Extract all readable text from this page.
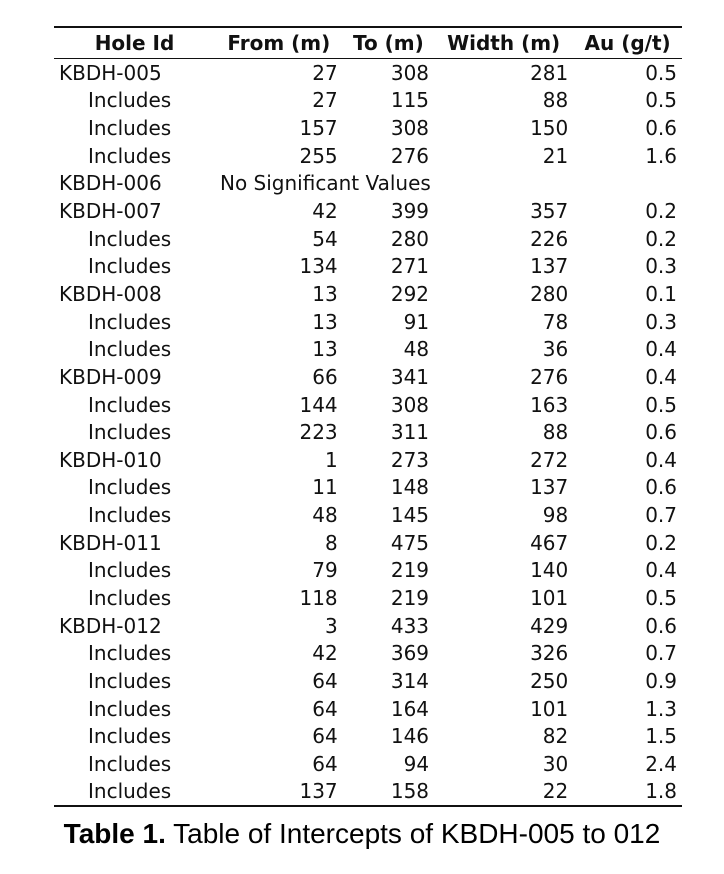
Hole Id	From (m)	To (m)	Width (m)	Au (g/t)
KBDH-005	27	308	281	0.5
Includes	27	115	88	0.5
Includes	157	308	150	0.6
Includes	255	276	21	1.6
KBDH-006	No Significant Values			
KBDH-007	42	399	357	0.2
Includes	54	280	226	0.2
Includes	134	271	137	0.3
KBDH-008	13	292	280	0.1
Includes	13	91	78	0.3
Includes	13	48	36	0.4
KBDH-009	66	341	276	0.4
Includes	144	308	163	0.5
Includes	223	311	88	0.6
KBDH-010	1	273	272	0.4
Includes	11	148	137	0.6
Includes	48	145	98	0.7
KBDH-011	8	475	467	0.2
Includes	79	219	140	0.4
Includes	118	219	101	0.5
KBDH-012	3	433	429	0.6
Includes	42	369	326	0.7
Includes	64	314	250	0.9
Includes	64	164	101	1.3
Includes	64	146	82	1.5
Includes	64	94	30	2.4
Includes	137	158	22	1.8
Table 1. Table of Intercepts of KBDH-005 to 012
